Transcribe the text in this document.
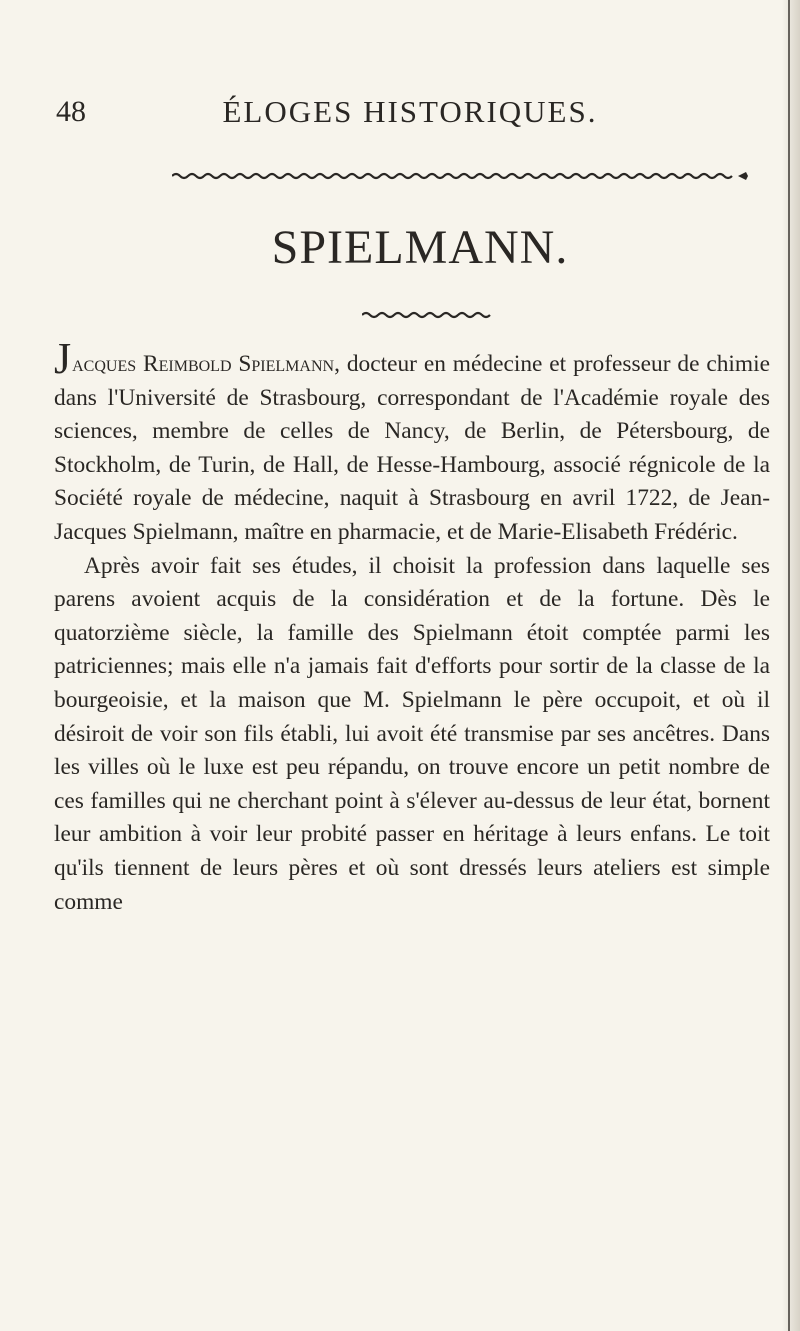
48	ÉLOGES HISTORIQUES.
SPIELMANN.

Jacques Reimbold Spielmann, docteur en médecine et professeur de chimie dans l'Université de Strasbourg, correspondant de l'Académie royale des sciences, membre de celles de Nancy, de Berlin, de Pétersbourg, de Stockholm, de Turin, de Hall, de Hesse-Hambourg, associé régnicole de la Société royale de médecine, naquit à Strasbourg en avril 1722, de Jean-Jacques Spielmann, maître en pharmacie, et de Marie-Elisabeth Frédéric.

Après avoir fait ses études, il choisit la profession dans laquelle ses parens avoient acquis de la considération et de la fortune. Dès le quatorzième siècle, la famille des Spielmann étoit comptée parmi les patriciennes; mais elle n'a jamais fait d'efforts pour sortir de la classe de la bourgeoisie, et la maison que M. Spielmann le père occupoit, et où il désiroit de voir son fils établi, lui avoit été transmise par ses ancêtres. Dans les villes où le luxe est peu répandu, on trouve encore un petit nombre de ces familles qui ne cherchant point à s'élever au-dessus de leur état, bornent leur ambition à voir leur probité passer en héritage à leurs enfans. Le toit qu'ils tiennent de leurs pères et où sont dressés leurs ateliers est simple comme
